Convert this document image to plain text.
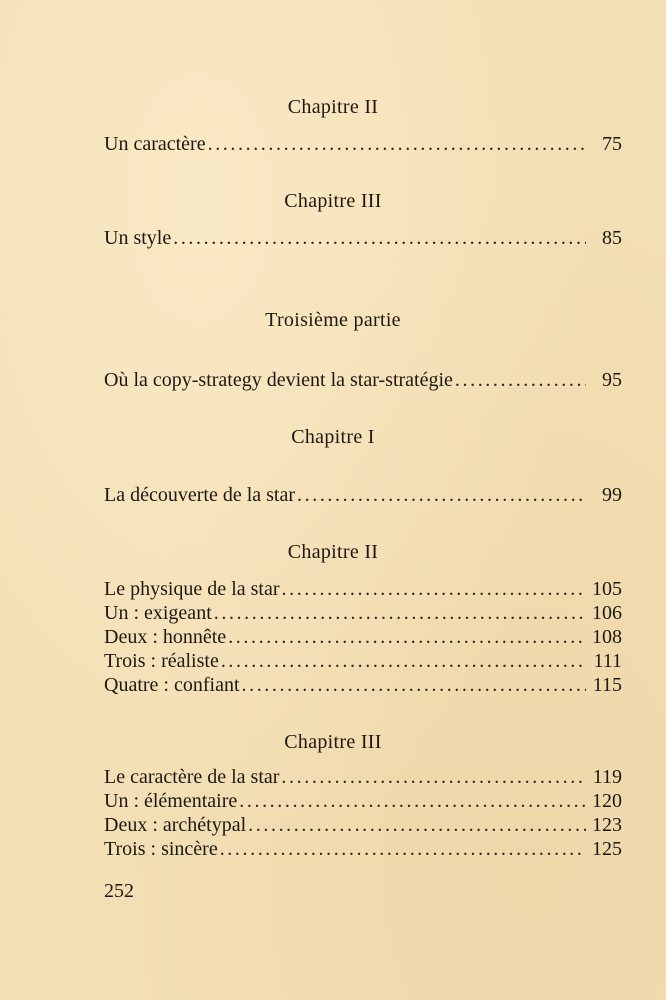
Chapitre II
Un caractère . . .	75
Chapitre III
Un style . . .	85
Troisième partie
Où la copy-strategy devient la star-stratégie . . .	95
Chapitre I
La découverte de la star . . .	99
Chapitre II
Le physique de la star . . .	105
Un : exigeant . . .	106
Deux : honnête . . .	108
Trois : réaliste . . .	111
Quatre : confiant . . .	115
Chapitre III
Le caractère de la star . . .	119
Un : élémentaire . . .	120
Deux : archétypal . . .	123
Trois : sincère . . .	125
252
